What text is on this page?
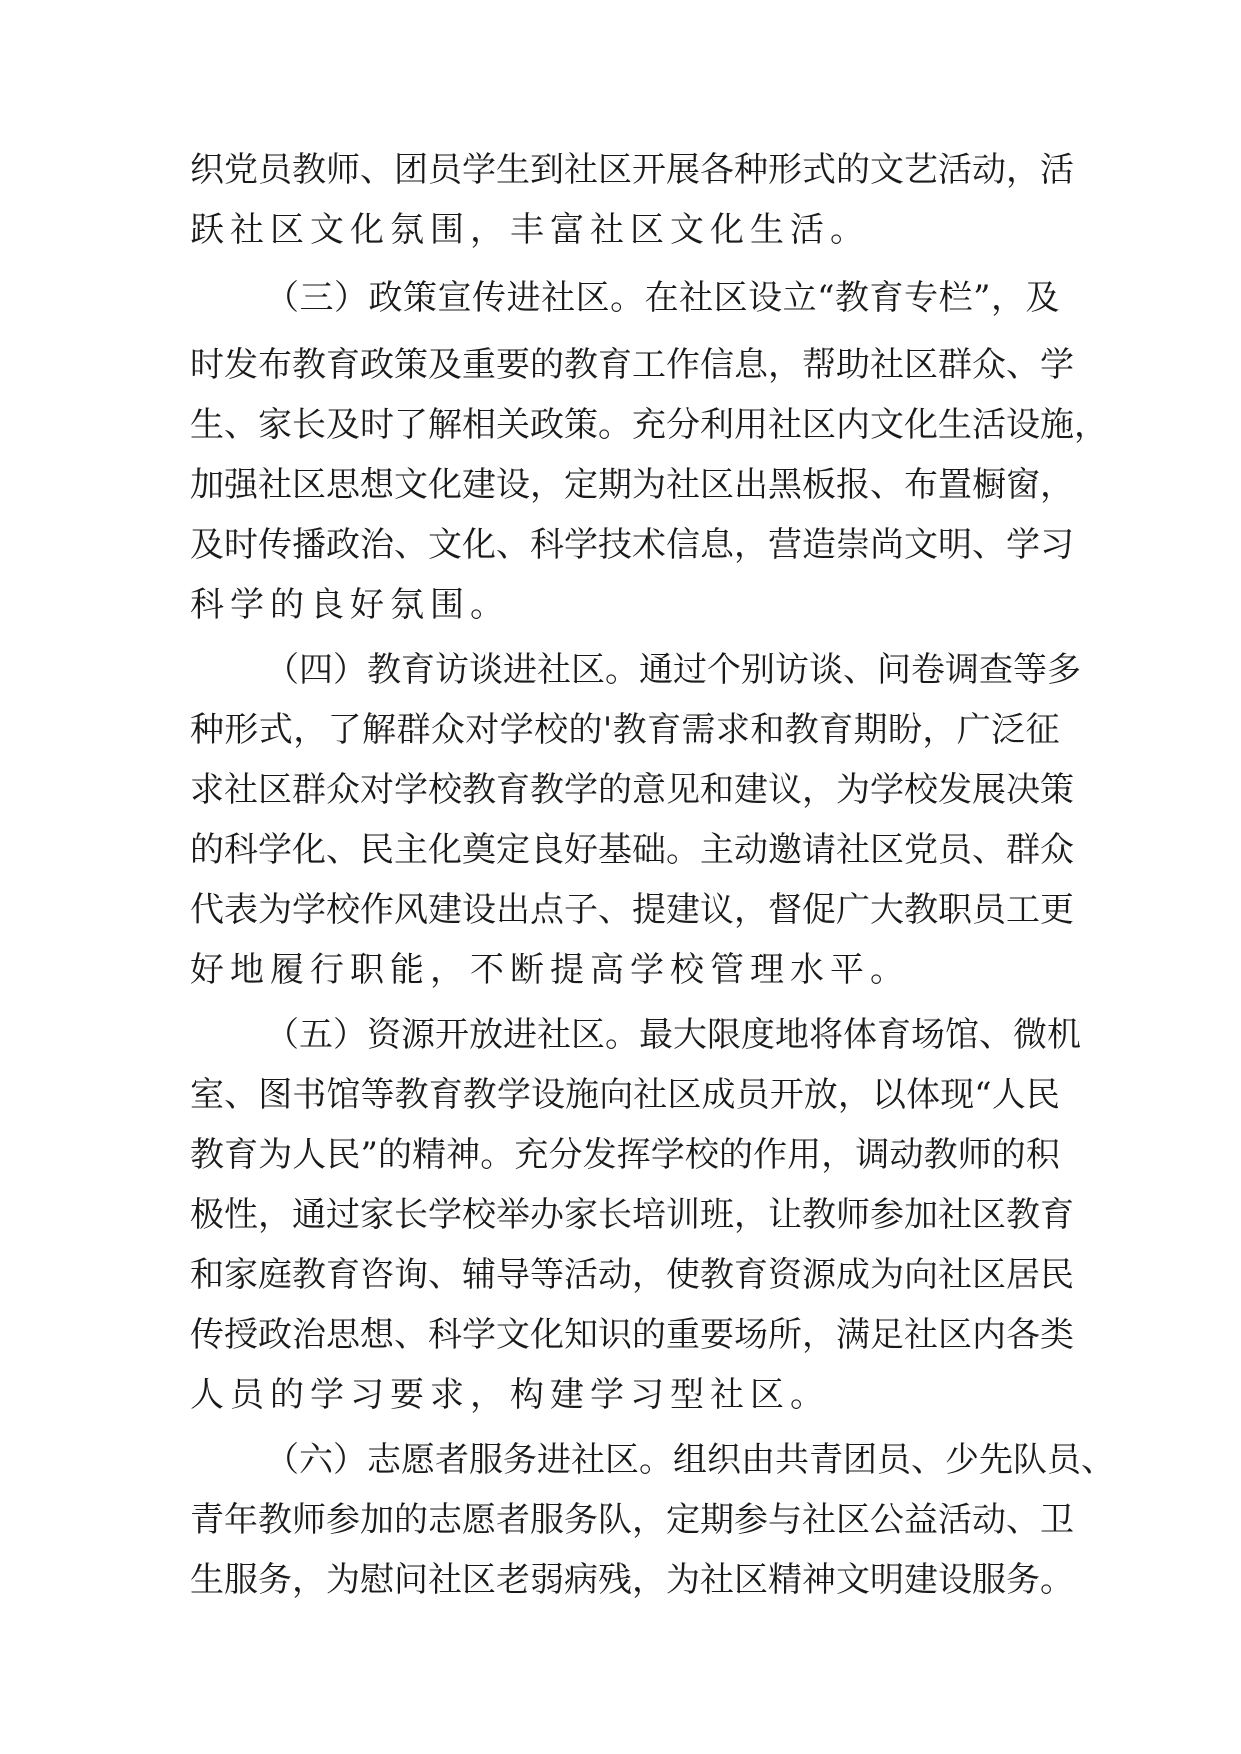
织党员教师、团员学生到社区开展各种形式的文艺活动，活
跃社区文化氛围，丰富社区文化生活。
（三）政策宣传进社区。在社区设立“教育专栏”，及
时发布教育政策及重要的教育工作信息，帮助社区群众、学
生、家长及时了解相关政策。充分利用社区内文化生活设施，
加强社区思想文化建设，定期为社区出黑板报、布置橱窗，
及时传播政治、文化、科学技术信息，营造崇尚文明、学习
科学的良好氛围。
（四）教育访谈进社区。通过个别访谈、问卷调查等多
种形式，了解群众对学校的'教育需求和教育期盼，广泛征
求社区群众对学校教育教学的意见和建议，为学校发展决策
的科学化、民主化奠定良好基础。主动邀请社区党员、群众
代表为学校作风建设出点子、提建议，督促广大教职员工更
好地履行职能，不断提高学校管理水平。
（五）资源开放进社区。最大限度地将体育场馆、微机
室、图书馆等教育教学设施向社区成员开放，以体现“人民
教育为人民”的精神。充分发挥学校的作用，调动教师的积
极性，通过家长学校举办家长培训班，让教师参加社区教育
和家庭教育咨询、辅导等活动，使教育资源成为向社区居民
传授政治思想、科学文化知识的重要场所，满足社区内各类
人员的学习要求，构建学习型社区。
（六）志愿者服务进社区。组织由共青团员、少先队员、
青年教师参加的志愿者服务队，定期参与社区公益活动、卫
生服务，为慰问社区老弱病残，为社区精神文明建设服务。
